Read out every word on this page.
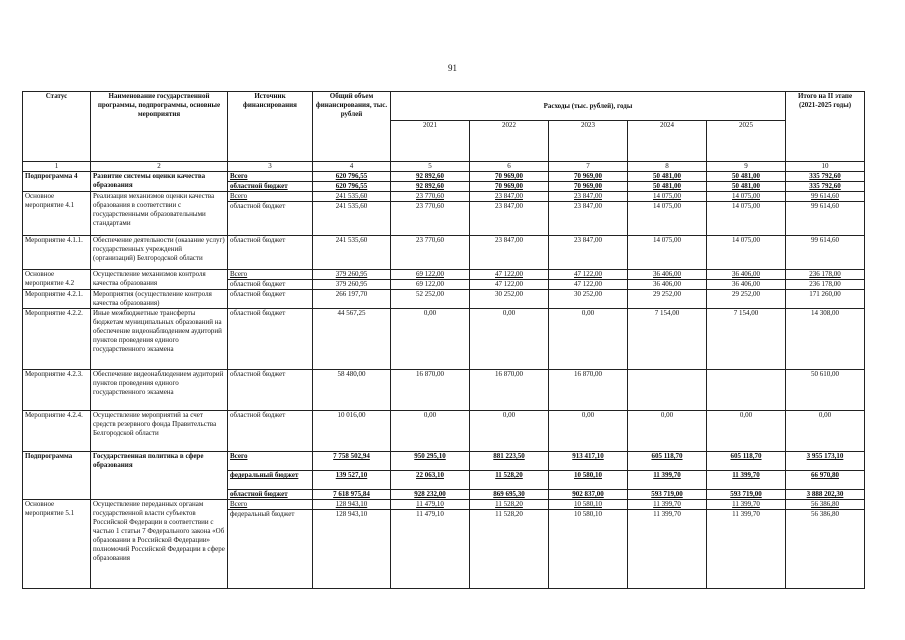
91
Статус	Наименование государственной программы, подпрограммы, основные мероприятия	Источник финансирования	Общий объем финансирования, тыс. рублей	Расходы (тыс. рублей), годы					Итого на II этапе (2021-2025 годы)
				2021	2022	2023	2024	2025	
1	2	3	4	5	6	7	8	9	10
Подпрограмма 4	Развитие системы оценки качества образования	Всего	620 796,55	92 892,60	70 969,00	70 969,00	50 481,00	50 481,00	335 792,60
		областной бюджет	620 796,55	92 892,60	70 969,00	70 969,00	50 481,00	50 481,00	335 792,60
Основное мероприятие 4.1	Реализация механизмов оценки качества образования в соответствии с государственными образовательными стандартами	Всего	241 535,60	23 770,60	23 847,00	23 847,00	14 075,00	14 075,00	99 614,60
		областной бюджет	241 535,60	23 770,60	23 847,00	23 847,00	14 075,00	14 075,00	99 614,60
Мероприятие 4.1.1.	Обеспечение деятельности (оказание услуг) государственных учреждений (организаций) Белгородской области	областной бюджет	241 535,60	23 770,60	23 847,00	23 847,00	14 075,00	14 075,00	99 614,60
Основное мероприятие 4.2	Осуществление механизмов контроля качества образования	Всего	379 260,95	69 122,00	47 122,00	47 122,00	36 406,00	36 406,00	236 178,00
		областной бюджет	379 260,95	69 122,00	47 122,00	47 122,00	36 406,00	36 406,00	236 178,00
Мероприятие 4.2.1.	Мероприятия (осуществление контроля качества образования)	областной бюджет	266 197,70	52 252,00	30 252,00	30 252,00	29 252,00	29 252,00	171 260,00
Мероприятие 4.2.2.	Иные межбюджетные трансферты бюджетам муниципальных образований на обеспечение видеонаблюдением аудиторий пунктов проведения единого государственного экзамена	областной бюджет	44 567,25	0,00	0,00	0,00	7 154,00	7 154,00	14 308,00
Мероприятие 4.2.3.	Обеспечение видеонаблюдением аудиторий пунктов проведения единого государственного экзамена	областной бюджет	58 480,00	16 870,00	16 870,00	16 870,00			50 610,00
Мероприятие 4.2.4.	Осуществление мероприятий за счет средств резервного фонда Правительства Белгородской области	областной бюджет	10 016,00	0,00	0,00	0,00	0,00	0,00	0,00
Подпрограмма	Государственная политика в сфере образования	Всего	7 758 502,94	950 295,10	881 223,50	913 417,10	605 118,70	605 118,70	3 955 173,10
		федеральный бюджет	139 527,10	22 063,10	11 528,20	10 580,10	11 399,70	11 399,70	66 970,80
		областной бюджет	7 618 975,84	928 232,00	869 695,30	902 837,00	593 719,00	593 719,00	3 888 202,30
Основное мероприятие 5.1	Осуществление переданных органам государственной власти субъектов Российской Федерации в соответствии с частью 1 статьи 7 Федерального закона «Об образовании в Российской Федерации» полномочий Российской Федерации в сфере образования	Всего	128 943,10	11 479,10	11 528,20	10 580,10	11 399,70	11 399,70	56 386,80
		федеральный бюджет	128 943,10	11 479,10	11 528,20	10 580,10	11 399,70	11 399,70	56 386,80
